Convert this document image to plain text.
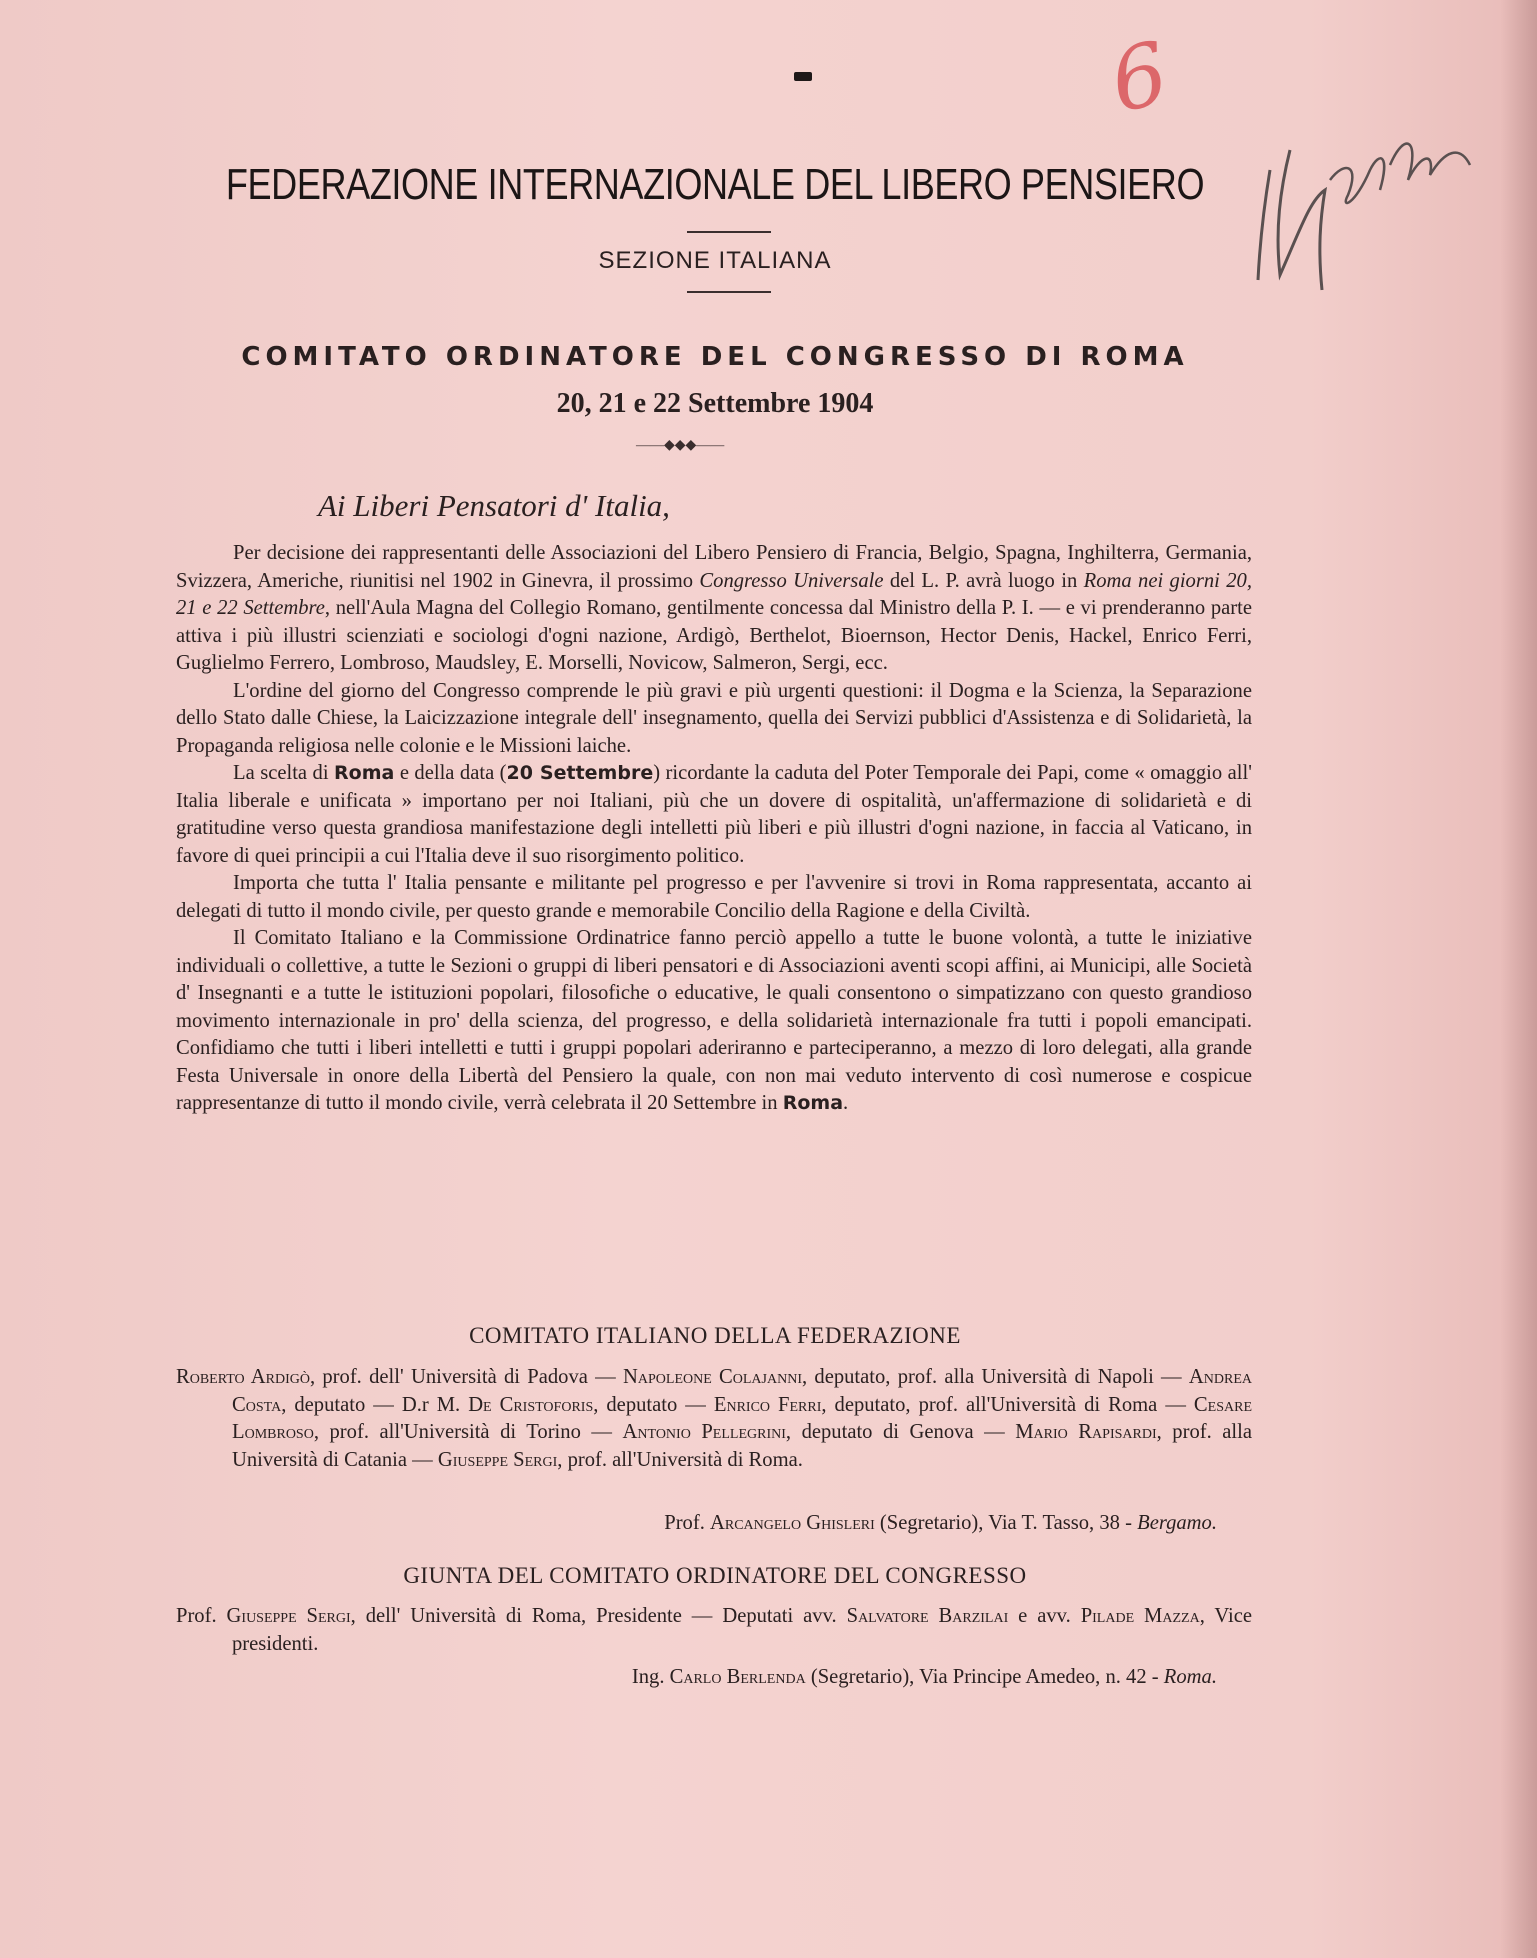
6
FEDERAZIONE INTERNAZIONALE DEL LIBERO PENSIERO
SEZIONE ITALIANA
COMITATO ORDINATORE DEL CONGRESSO DI ROMA
20, 21 e 22 Settembre 1904
——◆◆◆——
Ai Liberi Pensatori d' Italia,

Per decisione dei rappresentanti delle Associazioni del Libero Pensiero di Francia, Belgio, Spagna, Inghilterra, Germania, Svizzera, Americhe, riunitisi nel 1902 in Ginevra, il prossimo Congresso Universale del L. P. avrà luogo in Roma nei giorni 20, 21 e 22 Settembre, nell'Aula Magna del Collegio Romano, gentilmente concessa dal Ministro della P. I. — e vi prenderanno parte attiva i più illustri scienziati e sociologi d'ogni nazione, Ardigò, Berthelot, Bioernson, Hector Denis, Hackel, Enrico Ferri, Guglielmo Ferrero, Lombroso, Maudsley, E. Morselli, Novicow, Salmeron, Sergi, ecc.

L'ordine del giorno del Congresso comprende le più gravi e più urgenti questioni: il Dogma e la Scienza, la Separazione dello Stato dalle Chiese, la Laicizzazione integrale dell' insegnamento, quella dei Servizi pubblici d'Assistenza e di Solidarietà, la Propaganda religiosa nelle colonie e le Missioni laiche.

La scelta di Roma e della data (20 Settembre) ricordante la caduta del Poter Temporale dei Papi, come « omaggio all' Italia liberale e unificata » importano per noi Italiani, più che un dovere di ospitalità, un'affermazione di solidarietà e di gratitudine verso questa grandiosa manifestazione degli intelletti più liberi e più illustri d'ogni nazione, in faccia al Vaticano, in favore di quei principii a cui l'Italia deve il suo risorgimento politico.

Importa che tutta l' Italia pensante e militante pel progresso e per l'avvenire si trovi in Roma rappresentata, accanto ai delegati di tutto il mondo civile, per questo grande e memorabile Concilio della Ragione e della Civiltà.

Il Comitato Italiano e la Commissione Ordinatrice fanno perciò appello a tutte le buone volontà, a tutte le iniziative individuali o collettive, a tutte le Sezioni o gruppi di liberi pensatori e di Associazioni aventi scopi affini, ai Municipi, alle Società d' Insegnanti e a tutte le istituzioni popolari, filosofiche o educative, le quali consentono o simpatizzano con questo grandioso movimento internazionale in pro' della scienza, del progresso, e della solidarietà internazionale fra tutti i popoli emancipati. Confidiamo che tutti i liberi intelletti e tutti i gruppi popolari aderiranno e parteciperanno, a mezzo di loro delegati, alla grande Festa Universale in onore della Libertà del Pensiero la quale, con non mai veduto intervento di così numerose e cospicue rappresentanze di tutto il mondo civile, verrà celebrata il 20 Settembre in Roma.

COMITATO ITALIANO DELLA FEDERAZIONE
Roberto Ardigò, prof. dell' Università di Padova — Napoleone Colajanni, deputato, prof. alla Università di Napoli — Andrea Costa, deputato — D.r M. De Cristoforis, deputato — Enrico Ferri, deputato, prof. all'Università di Roma — Cesare Lombroso, prof. all'Università di Torino — Antonio Pellegrini, deputato di Genova — Mario Rapisardi, prof. alla Università di Catania — Giuseppe Sergi, prof. all'Università di Roma.
Prof. Arcangelo Ghisleri (Segretario), Via T. Tasso, 38 - Bergamo.
GIUNTA DEL COMITATO ORDINATORE DEL CONGRESSO
Prof. Giuseppe Sergi, dell' Università di Roma, Presidente — Deputati avv. Salvatore Barzilai e avv. Pilade Mazza, Vice presidenti.
Ing. Carlo Berlenda (Segretario), Via Principe Amedeo, n. 42 - Roma.
